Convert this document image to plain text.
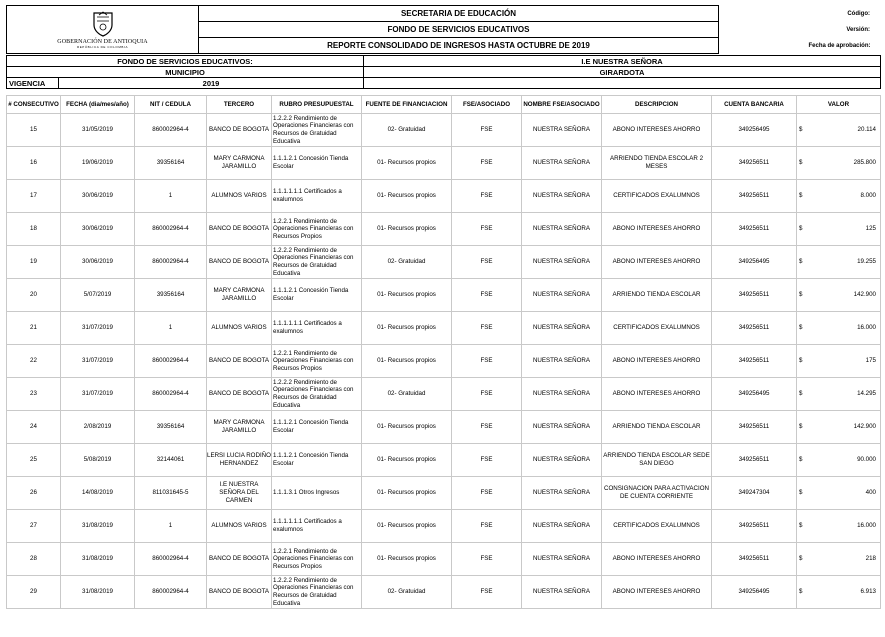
GOBERNACIÓN DE ANTIOQUIA
REPÚBLICA DE COLOMBIA	SECRETARIA DE EDUCACIÓN	Código:
	FONDO DE SERVICIOS EDUCATIVOS	Versión:
	REPORTE CONSOLIDADO DE INGRESOS HASTA OCTUBRE DE 2019	Fecha de aprobación:
FONDO DE SERVICIOS EDUCATIVOS:		I.E NUESTRA SEÑORA
MUNICIPIO		GIRARDOTA
VIGENCIA	2019	
# CONSECUTIVO	FECHA (dia/mes/año)	NIT / CEDULA	TERCERO	RUBRO PRESUPUESTAL	FUENTE DE FINANCIACION	FSE/ASOCIADO	NOMBRE FSE/ASOCIADO	DESCRIPCION	CUENTA BANCARIA	VALOR
15	31/05/2019	860002964-4	BANCO DE BOGOTA	1.2.2.2 Rendimiento de Operaciones Financieras con Recursos de Gratuidad Educativa	02- Gratuidad	FSE	NUESTRA SEÑORA	ABONO INTERESES AHORRO	349256495	$ 20.114
16	19/06/2019	39356164	MARY CARMONA JARAMILLO	1.1.1.2.1 Concesión Tienda Escolar	01- Recursos propios	FSE	NUESTRA SEÑORA	ARRIENDO TIENDA ESCOLAR 2 MESES	349256511	$ 285.800
17	30/06/2019	1	ALUMNOS VARIOS	1.1.1.1.1.1 Certificados a exalumnos	01- Recursos propios	FSE	NUESTRA SEÑORA	CERTIFICADOS EXALUMNOS	349256511	$ 8.000
18	30/06/2019	860002964-4	BANCO DE BOGOTA	1.2.2.1 Rendimiento de Operaciones Financieras con Recursos Propios	01- Recursos propios	FSE	NUESTRA SEÑORA	ABONO INTERESES AHORRO	349256511	$ 125
19	30/06/2019	860002964-4	BANCO DE BOGOTA	1.2.2.2 Rendimiento de Operaciones Financieras con Recursos de Gratuidad Educativa	02- Gratuidad	FSE	NUESTRA SEÑORA	ABONO INTERESES AHORRO	349256495	$ 19.255
20	5/07/2019	39356164	MARY CARMONA JARAMILLO	1.1.1.2.1 Concesión Tienda Escolar	01- Recursos propios	FSE	NUESTRA SEÑORA	ARRIENDO TIENDA ESCOLAR	349256511	$ 142.900
21	31/07/2019	1	ALUMNOS VARIOS	1.1.1.1.1.1 Certificados a exalumnos	01- Recursos propios	FSE	NUESTRA SEÑORA	CERTIFICADOS EXALUMNOS	349256511	$ 16.000
22	31/07/2019	860002964-4	BANCO DE BOGOTA	1.2.2.1 Rendimiento de Operaciones Financieras con Recursos Propios	01- Recursos propios	FSE	NUESTRA SEÑORA	ABONO INTERESES AHORRO	349256511	$ 175
23	31/07/2019	860002964-4	BANCO DE BOGOTA	1.2.2.2 Rendimiento de Operaciones Financieras con Recursos de Gratuidad Educativa	02- Gratuidad	FSE	NUESTRA SEÑORA	ABONO INTERESES AHORRO	349256495	$ 14.295
24	2/08/2019	39356164	MARY CARMONA JARAMILLO	1.1.1.2.1 Concesión Tienda Escolar	01- Recursos propios	FSE	NUESTRA SEÑORA	ARRIENDO TIENDA ESCOLAR	349256511	$ 142.900
25	5/08/2019	32144061	LERSI LUCIA RODIÑO HERNANDEZ	1.1.1.2.1 Concesión Tienda Escolar	01- Recursos propios	FSE	NUESTRA SEÑORA	ARRIENDO TIENDA ESCOLAR SEDE SAN DIEGO	349256511	$ 90.000
26	14/08/2019	811031645-5	I.E NUESTRA SEÑORA DEL CARMEN	1.1.1.3.1 Otros Ingresos	01- Recursos propios	FSE	NUESTRA SEÑORA	CONSIGNACION PARA ACTIVACION DE CUENTA CORRIENTE	349247304	$ 400
27	31/08/2019	1	ALUMNOS VARIOS	1.1.1.1.1.1 Certificados a exalumnos	01- Recursos propios	FSE	NUESTRA SEÑORA	CERTIFICADOS EXALUMNOS	349256511	$ 16.000
28	31/08/2019	860002964-4	BANCO DE BOGOTA	1.2.2.1 Rendimiento de Operaciones Financieras con Recursos Propios	01- Recursos propios	FSE	NUESTRA SEÑORA	ABONO INTERESES AHORRO	349256511	$ 218
29	31/08/2019	860002964-4	BANCO DE BOGOTA	1.2.2.2 Rendimiento de Operaciones Financieras con Recursos de Gratuidad Educativa	02- Gratuidad	FSE	NUESTRA SEÑORA	ABONO INTERESES AHORRO	349256495	$ 6.913
